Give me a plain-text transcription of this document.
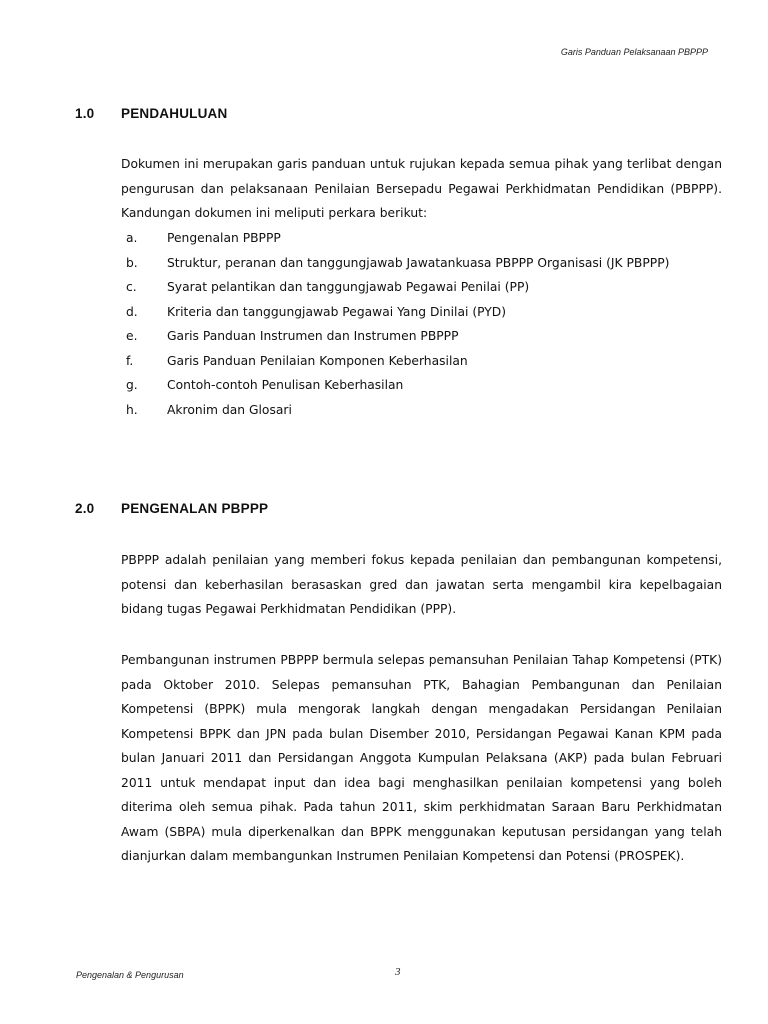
Garis Panduan Pelaksanaan PBPPP
1.0 PENDAHULUAN

Dokumen ini merupakan garis panduan untuk rujukan kepada semua pihak yang terlibat dengan pengurusan dan pelaksanaan Penilaian Bersepadu Pegawai Perkhidmatan Pendidikan (PBPPP). Kandungan dokumen ini meliputi perkara berikut:

a.	Pengenalan PBPPP
b.	Struktur, peranan dan tanggungjawab Jawatankuasa PBPPP Organisasi (JK PBPPP)
c.	Syarat pelantikan dan tanggungjawab Pegawai Penilai (PP)
d.	Kriteria dan tanggungjawab Pegawai Yang Dinilai (PYD)
e.	Garis Panduan Instrumen dan Instrumen PBPPP
f.	Garis Panduan Penilaian Komponen Keberhasilan
g.	Contoh-contoh Penulisan Keberhasilan
h.	Akronim dan Glosari
2.0 PENGENALAN PBPPP

PBPPP adalah penilaian yang memberi fokus kepada penilaian dan pembangunan kompetensi, potensi dan keberhasilan berasaskan gred dan jawatan serta mengambil kira kepelbagaian bidang tugas Pegawai Perkhidmatan Pendidikan (PPP).

Pembangunan instrumen PBPPP bermula selepas pemansuhan Penilaian Tahap Kompetensi (PTK) pada Oktober 2010. Selepas pemansuhan PTK, Bahagian Pembangunan dan Penilaian Kompetensi (BPPK) mula mengorak langkah dengan mengadakan Persidangan Penilaian Kompetensi BPPK dan JPN pada bulan Disember 2010, Persidangan Pegawai Kanan KPM pada bulan Januari 2011 dan Persidangan Anggota Kumpulan Pelaksana (AKP) pada bulan Februari 2011 untuk mendapat input dan idea bagi menghasilkan penilaian kompetensi yang boleh diterima oleh semua pihak. Pada tahun 2011, skim perkhidmatan Saraan Baru Perkhidmatan Awam (SBPA) mula diperkenalkan dan BPPK menggunakan keputusan persidangan yang telah dianjurkan dalam membangunkan Instrumen Penilaian Kompetensi dan Potensi (PROSPEK).

Pengenalan & Pengurusan	3
